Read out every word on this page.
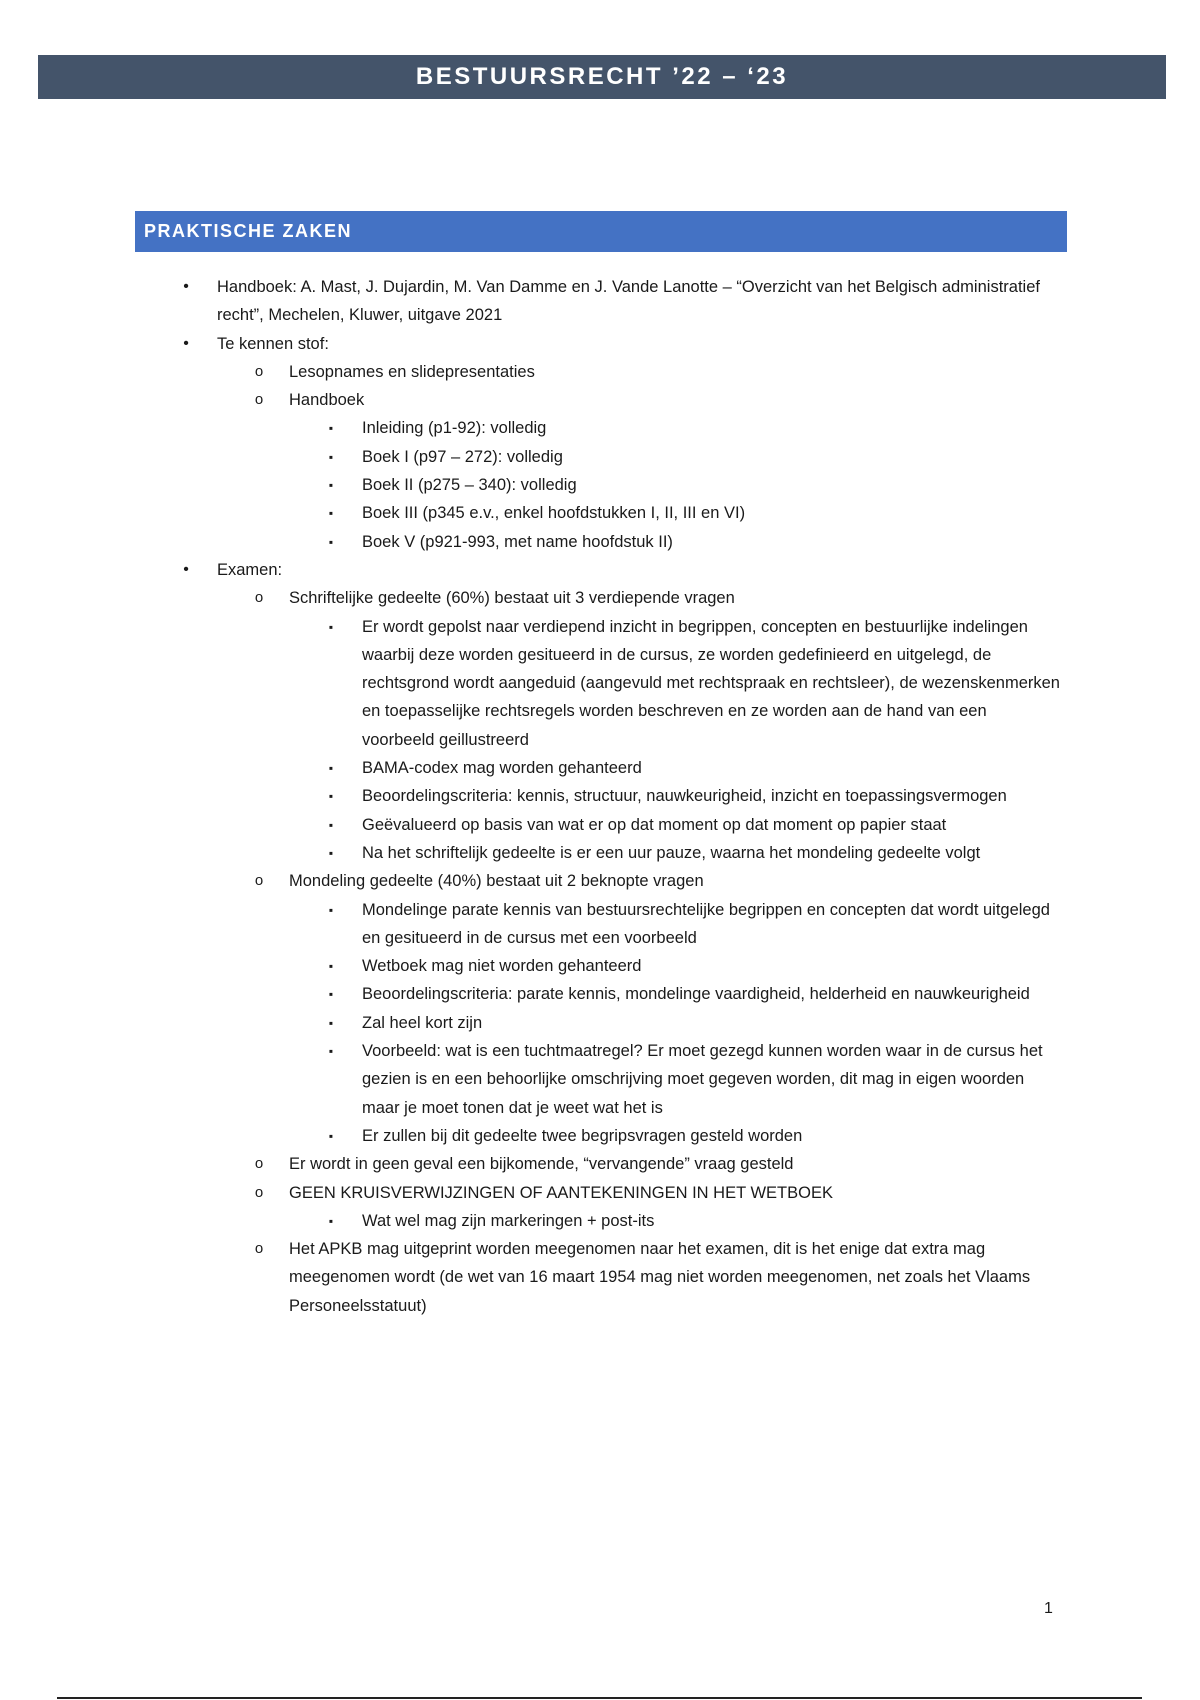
BESTUURSRECHT ’22 – ‘23
PRAKTISCHE ZAKEN
•	Handboek: A. Mast, J. Dujardin, M. Van Damme en J. Vande Lanotte – “Overzicht van het Belgisch administratief recht”, Mechelen, Kluwer, uitgave 2021
•	Te kennen stof:
o	Lesopnames en slidepresentaties
o	Handboek
▪	Inleiding (p1-92): volledig
▪	Boek I (p97 – 272): volledig
▪	Boek II (p275 – 340): volledig
▪	Boek III (p345 e.v., enkel hoofdstukken I, II, III en VI)
▪	Boek V (p921-993, met name hoofdstuk II)
•	Examen:
o	Schriftelijke gedeelte (60%) bestaat uit 3 verdiepende vragen
▪	Er wordt gepolst naar verdiepend inzicht in begrippen, concepten en bestuurlijke indelingen waarbij deze worden gesitueerd in de cursus, ze worden gedefinieerd en uitgelegd, de rechtsgrond wordt aangeduid (aangevuld met rechtspraak en rechtsleer), de wezenskenmerken en toepasselijke rechtsregels worden beschreven en ze worden aan de hand van een voorbeeld geillustreerd
▪	BAMA-codex mag worden gehanteerd
▪	Beoordelingscriteria: kennis, structuur, nauwkeurigheid, inzicht en toepassingsvermogen
▪	Geëvalueerd op basis van wat er op dat moment op dat moment op papier staat
▪	Na het schriftelijk gedeelte is er een uur pauze, waarna het mondeling gedeelte volgt
o	Mondeling gedeelte (40%) bestaat uit 2 beknopte vragen
▪	Mondelinge parate kennis van bestuursrechtelijke begrippen en concepten dat wordt uitgelegd en gesitueerd in de cursus met een voorbeeld
▪	Wetboek mag niet worden gehanteerd
▪	Beoordelingscriteria: parate kennis, mondelinge vaardigheid, helderheid en nauwkeurigheid
▪	Zal heel kort zijn
▪	Voorbeeld: wat is een tuchtmaatregel? Er moet gezegd kunnen worden waar in de cursus het gezien is en een behoorlijke omschrijving moet gegeven worden, dit mag in eigen woorden maar je moet tonen dat je weet wat het is
▪	Er zullen bij dit gedeelte twee begripsvragen gesteld worden
o	Er wordt in geen geval een bijkomende, “vervangende” vraag gesteld
o	GEEN KRUISVERWIJZINGEN OF AANTEKENINGEN IN HET WETBOEK
▪	Wat wel mag zijn markeringen + post-its
o	Het APKB mag uitgeprint worden meegenomen naar het examen, dit is het enige dat extra mag meegenomen wordt (de wet van 16 maart 1954 mag niet worden meegenomen, net zoals het Vlaams Personeelsstatuut)
1
